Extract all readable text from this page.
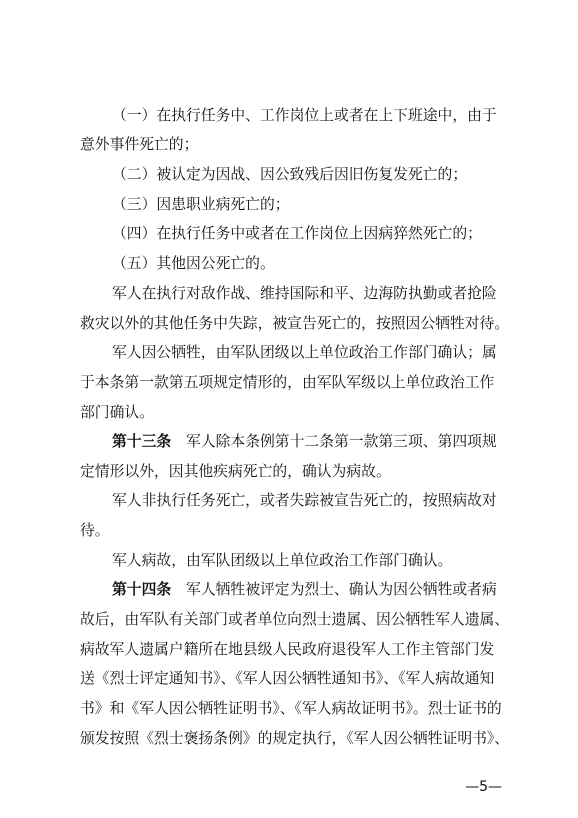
（一）在执行任务中、工作岗位上或者在上下班途中，由于
意外事件死亡的；
（二）被认定为因战、因公致残后因旧伤复发死亡的；
（三）因患职业病死亡的；
（四）在执行任务中或者在工作岗位上因病猝然死亡的；
（五）其他因公死亡的。
军人在执行对敌作战、维持国际和平、边海防执勤或者抢险
救灾以外的其他任务中失踪，被宣告死亡的，按照因公牺牲对待。
军人因公牺牲，由军队团级以上单位政治工作部门确认；属
于本条第一款第五项规定情形的，由军队军级以上单位政治工作
部门确认。
第十三条　 军人除本条例第十二条第一款第三项、第四项规
定情形以外，因其他疾病死亡的，确认为病故。
军人非执行任务死亡，或者失踪被宣告死亡的，按照病故对
待。
军人病故，由军队团级以上单位政治工作部门确认。
第十四条　 军人牺牲被评定为烈士、确认为因公牺牲或者病
故后，由军队有关部门或者单位向烈士遗属、因公牺牲军人遗属、
病故军人遗属户籍所在地县级人民政府退役军人工作主管部门发
送《烈士评定通知书》、《军人因公牺牲通知书》、《军人病故通知
书》和《军人因公牺牲证明书》、《军人病故证明书》。烈士证书的
颁发按照《烈士褒扬条例》的规定执行，《军人因公牺牲证明书》、
—5—
